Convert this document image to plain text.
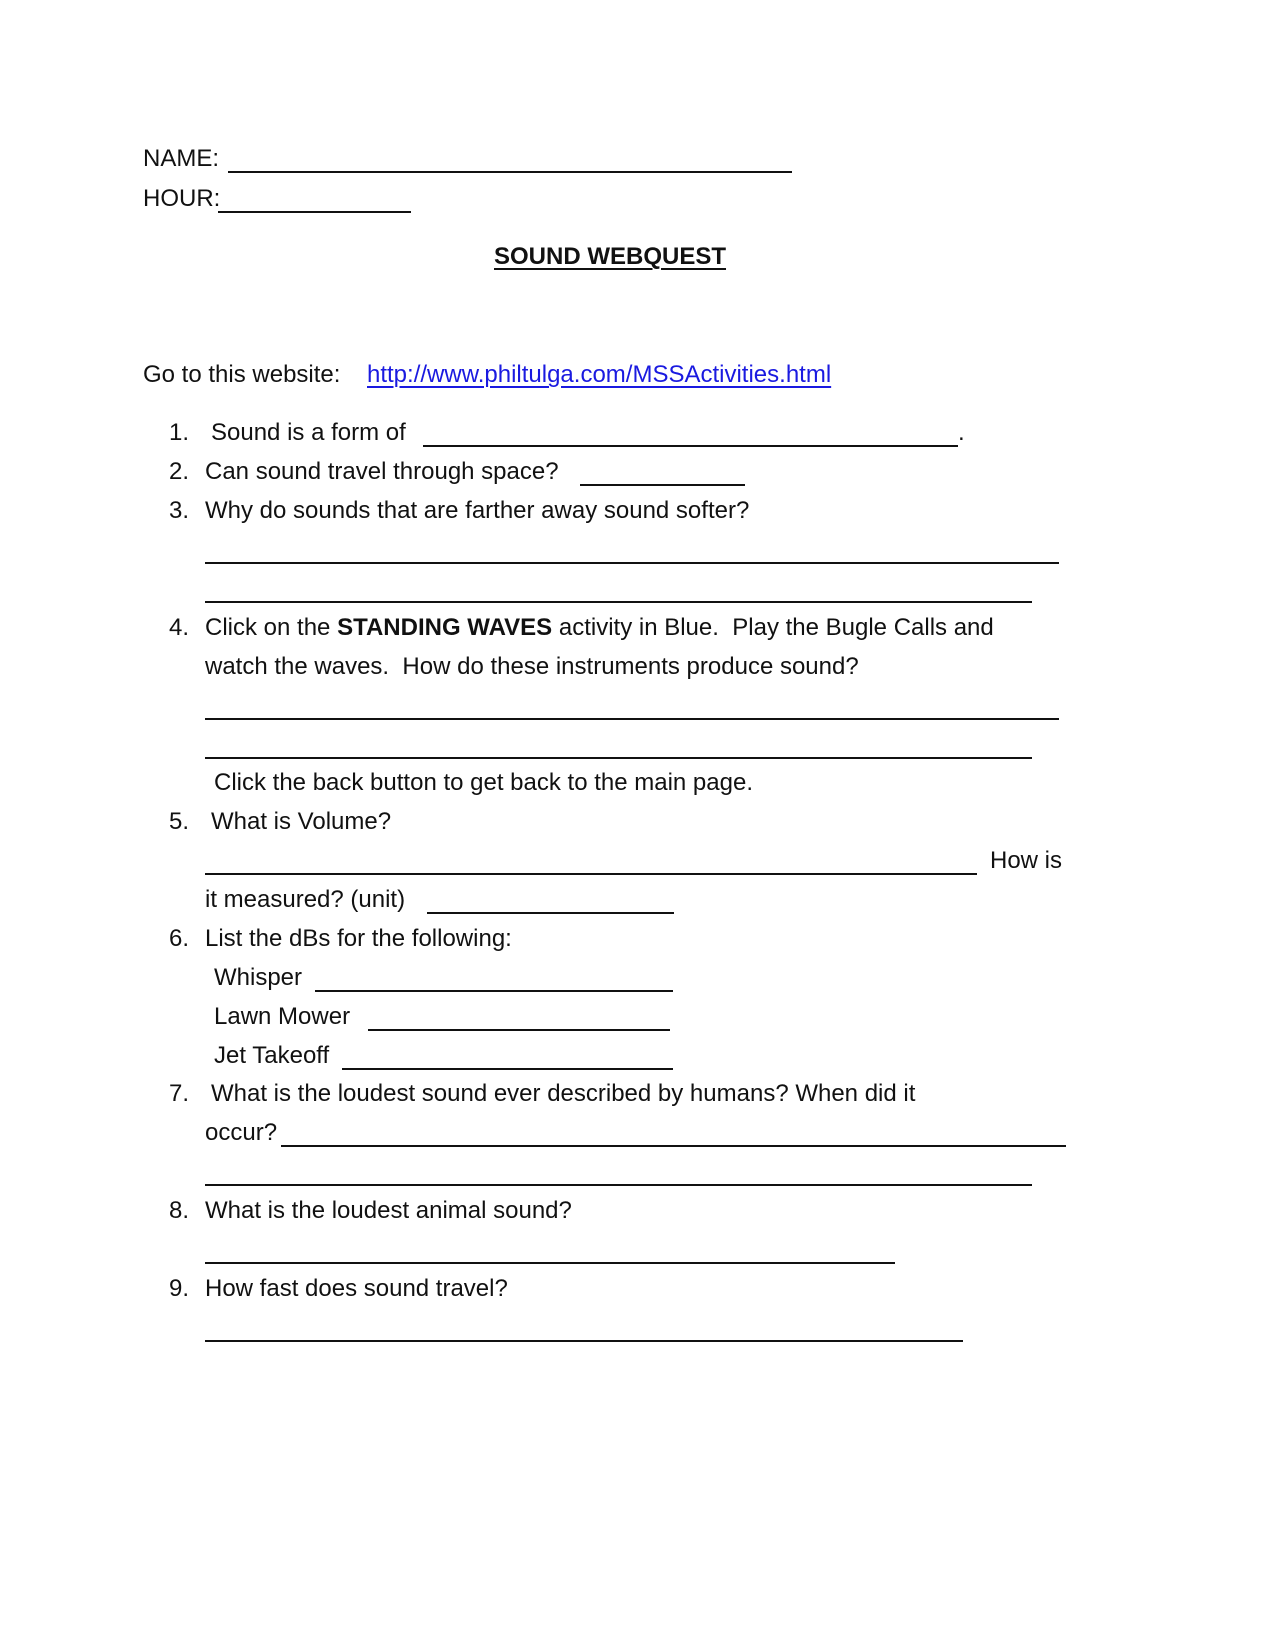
NAME:
HOUR:
SOUND WEBQUEST
Go to this website: http://www.philtulga.com/MSSActivities.html
1. Sound is a form of	.
2. Can sound travel through space?
3. Why do sounds that are farther away sound softer?
4. Click on the STANDING WAVES activity in Blue.  Play the Bugle Calls and
watch the waves.  How do these instruments produce sound?
Click the back button to get back to the main page.
5. What is Volume?
How is
it measured? (unit)
6. List the dBs for the following:
Whisper
Lawn Mower
Jet Takeoff
7. What is the loudest sound ever described by humans? When did it
occur?
8. What is the loudest animal sound?
9. How fast does sound travel?
